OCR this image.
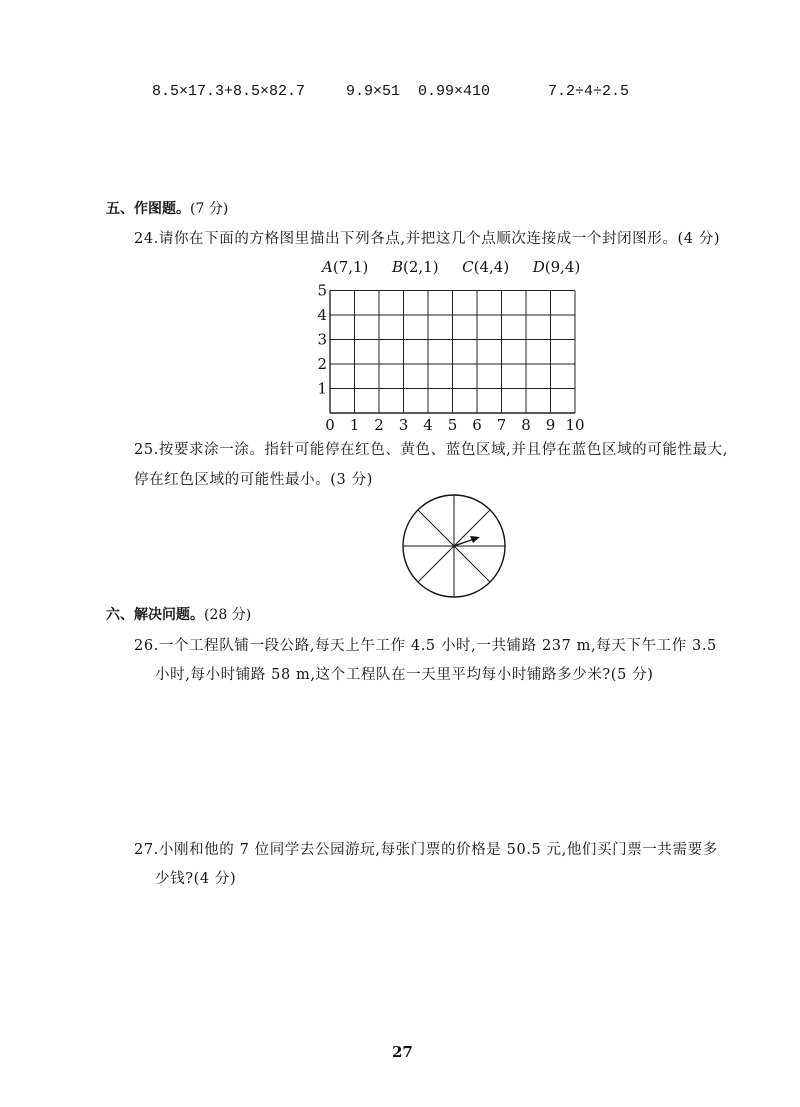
8.5×17.3+8.5×82.7	9.9×51 0.99×410	7.2÷4÷2.5
五、作图题。(7 分)
24.请你在下面的方格图里描出下列各点,并把这几个点顺次连接成一个封闭图形。(4 分)
A(7,1) B(2,1) C(4,4) D(9,4)
0 1 2 3 4 5 6 7 8 9 10
1
2
3
4
5
25.按要求涂一涂。指针可能停在红色、黄色、蓝色区域,并且停在蓝色区域的可能性最大,
停在红色区域的可能性最小。(3 分)
六、解决问题。(28 分)
26.一个工程队铺一段公路,每天上午工作 4.5 小时,一共铺路 237 m,每天下午工作 3.5
小时,每小时铺路 58 m,这个工程队在一天里平均每小时铺路多少米?(5 分)
27.小刚和他的 7 位同学去公园游玩,每张门票的价格是 50.5 元,他们买门票一共需要多
少钱?(4 分)
27
